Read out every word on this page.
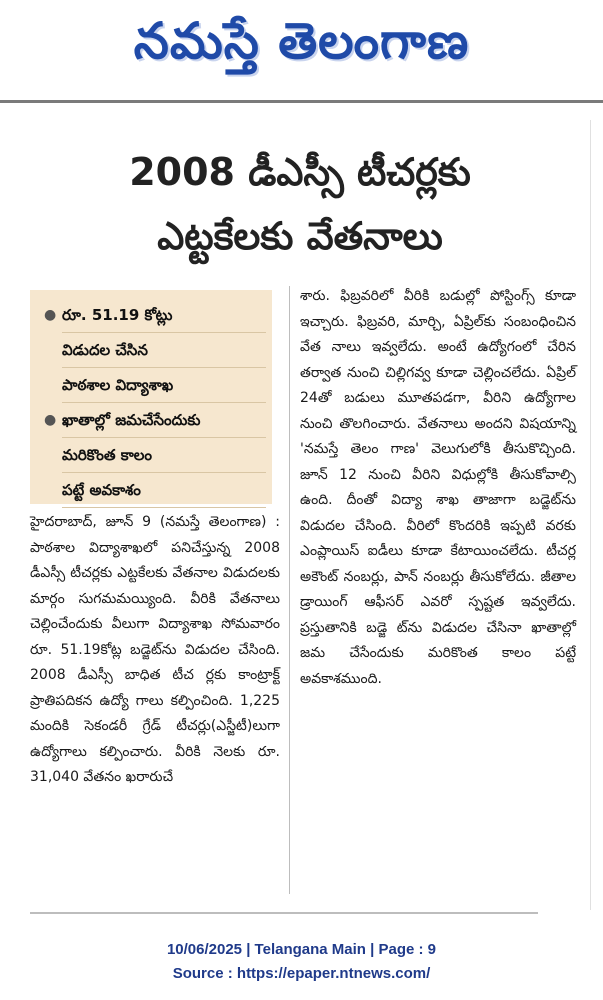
నమస్తే తెలంగాణ
2008 డీఎస్సీ టీచర్లకు
ఎట్టకేలకు వేతనాలు
● రూ. 51.19 కోట్లు
విడుదల చేసిన
పాఠశాల విద్యాశాఖ
● ఖాతాల్లో జమచేసేందుకు
మరికొంత కాలం
పట్టే అవకాశం
హైదరాబాద్, జూన్ 9 (నమస్తే తెలంగాణ) : పాఠశాల విద్యాశాఖలో పనిచేస్తున్న 2008 డీఎస్సీ టీచర్లకు ఎట్టకేలకు వేతనాల విడుదలకు మార్గం సుగమమయ్యింది. వీరికి వేతనాలు చెల్లించేందుకు వీలుగా విద్యాశాఖ సోమవారం రూ. 51.19కోట్ల బడ్జెట్‌ను విడుదల చేసింది. 2008 డీఎస్సీ బాధిత టీచ ర్లకు కాంట్రాక్ట్ ప్రాతిపదికన ఉద్యో గాలు కల్పించింది. 1,225 మందికి సెకండరీ గ్రేడ్ టీచర్లు(ఎస్జీటీ)లుగా ఉద్యోగాలు కల్పించారు. వీరికి నెలకు రూ. 31,040 వేతనం ఖరారుచే
శారు. ఫిబ్రవరిలో వీరికి బడుల్లో పోస్టింగ్స్ కూడా ఇచ్చారు. ఫిబ్రవరి, మార్చి, ఏప్రిల్‌కు సంబంధించిన వేత నాలు ఇవ్వలేదు. అంటే ఉద్యోగంలో చేరిన తర్వాత నుంచి చిల్లిగవ్వ కూడా చెల్లించలేదు. ఏప్రిల్ 24తో బడులు మూతపడగా, వీరిని ఉద్యోగాల నుంచి తొలగించారు. వేతనాలు అందని విషయాన్ని 'నమస్తే తెలం గాణ' వెలుగులోకి తీసుకొచ్చింది. జూన్ 12 నుంచి వీరిని విధుల్లోకి తీసుకోవాల్సి ఉంది. దీంతో విద్యా శాఖ తాజాగా బడ్జెట్‌ను విడుదల చేసింది. వీరిలో కొందరికి ఇప్పటి వరకు ఎంప్లాయిస్ ఐడీలు కూడా కేటాయించలేదు. టీచర్ల అకౌంట్ నంబర్లు, పాన్ నంబర్లు తీసుకోలేదు. జీతాల డ్రాయింగ్ ఆఫీసర్ ఎవరో స్పష్టత ఇవ్వలేదు. ప్రస్తుతానికి బడ్జె ట్‌ను విడుదల చేసినా ఖాతాల్లో జమ చేసేందుకు మరికొంత కాలం పట్టే అవకాశముంది.
10/06/2025 | Telangana Main | Page : 9
Source : https://epaper.ntnews.com/
